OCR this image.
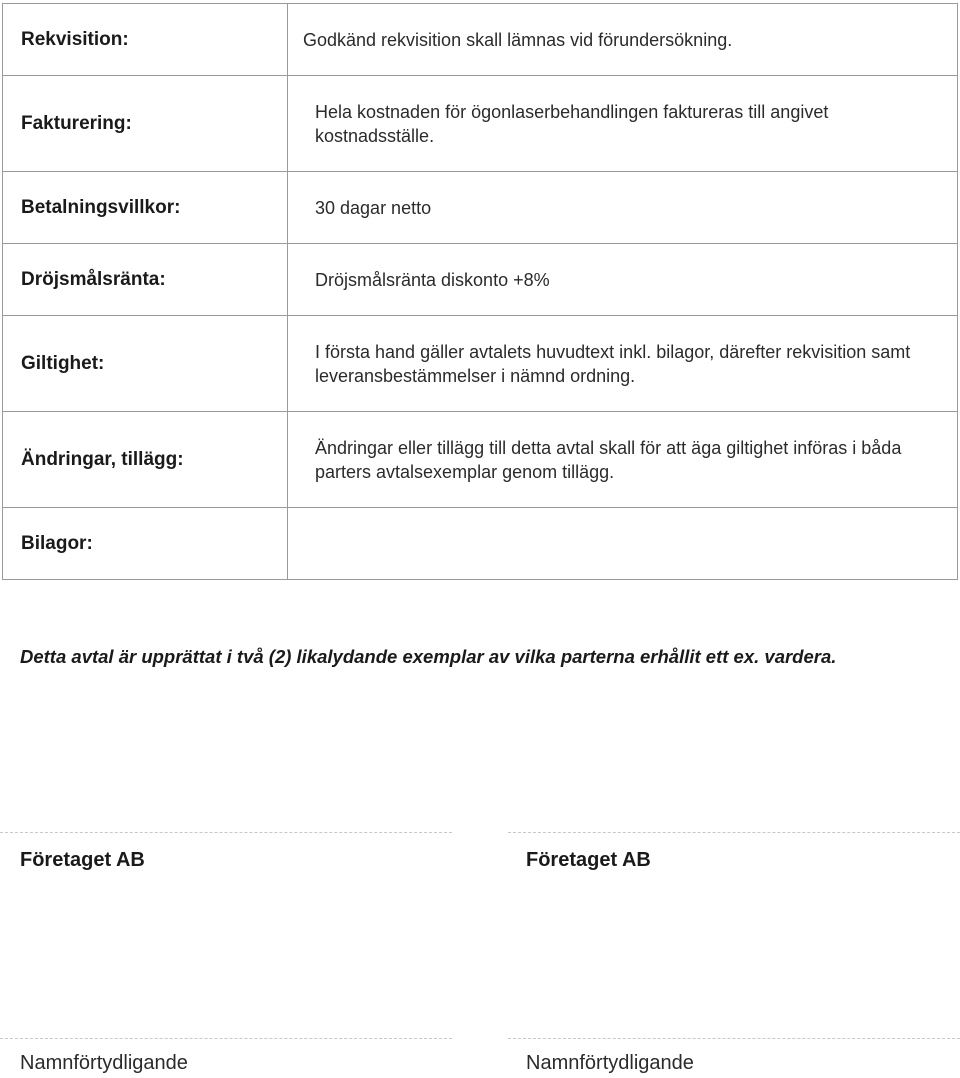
Rekvisition:	Godkänd rekvisition skall lämnas vid förundersökning.
Fakturering:	Hela kostnaden för ögonlaserbehandlingen faktureras till angivet kostnadsställe.
Betalningsvillkor:	30 dagar netto
Dröjsmålsränta:	Dröjsmålsränta diskonto +8%
Giltighet:	I första hand gäller avtalets huvudtext inkl. bilagor, därefter rekvisition samt leveransbestämmelser i nämnd ordning.
Ändringar, tillägg:	Ändringar eller tillägg till detta avtal skall för att äga giltighet införas i båda parters avtalsexemplar genom tillägg.
Bilagor:	
Detta avtal är upprättat i två (2) likalydande exemplar av vilka parterna erhållit ett ex. vardera.
Företaget AB
Namnförtydligande
Företaget AB
Namnförtydligande
